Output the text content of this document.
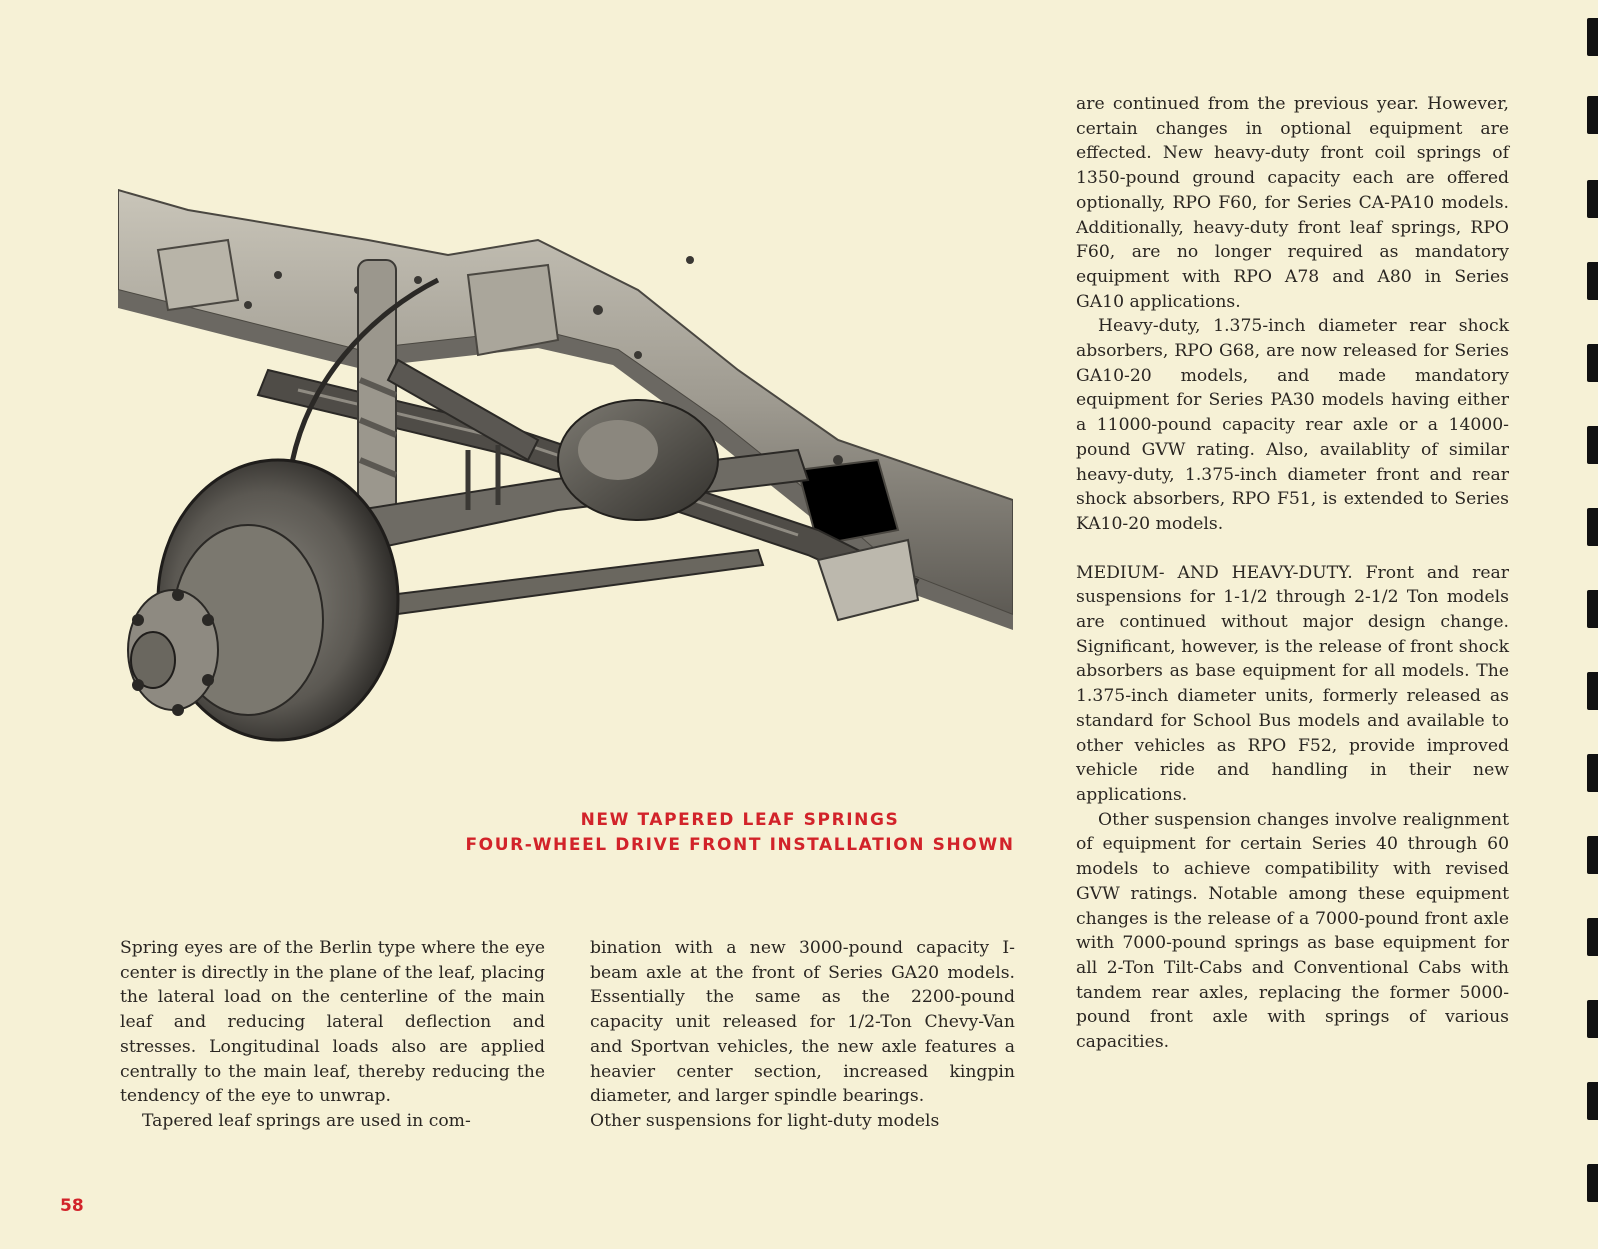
NEW TAPERED LEAF SPRINGS
FOUR-WHEEL DRIVE FRONT INSTALLATION SHOWN

Spring eyes are of the Berlin type where the eye center is directly in the plane of the leaf, placing the lateral load on the centerline of the main leaf and reducing lateral deflection and stresses. Longitudinal loads also are applied centrally to the main leaf, thereby reducing the tendency of the eye to unwrap.

Tapered leaf springs are used in com-

bination with a new 3000-pound capacity I-beam axle at the front of Series GA20 models. Essentially the same as the 2200-pound capacity unit released for 1/2-Ton Chevy-Van and Sportvan vehicles, the new axle features a heavier center section, increased kingpin diameter, and larger spindle bearings.

Other suspensions for light-duty models

are continued from the previous year. However, certain changes in optional equipment are effected. New heavy-duty front coil springs of 1350-pound ground capacity each are offered optionally, RPO F60, for Series CA-PA10 models. Additionally, heavy-duty front leaf springs, RPO F60, are no longer required as mandatory equipment with RPO A78 and A80 in Series GA10 applications.

Heavy-duty, 1.375-inch diameter rear shock absorbers, RPO G68, are now released for Series GA10-20 models, and made mandatory equipment for Series PA30 models having either a 11000-pound capacity rear axle or a 14000-pound GVW rating. Also, availablity of similar heavy-duty, 1.375-inch diameter front and rear shock absorbers, RPO F51, is extended to Series KA10-20 models.

MEDIUM- AND HEAVY-DUTY. Front and rear suspensions for 1-1/2 through 2-1/2 Ton models are continued without major design change. Significant, however, is the release of front shock absorbers as base equipment for all models. The 1.375-inch diameter units, formerly released as standard for School Bus models and available to other vehicles as RPO F52, provide improved vehicle ride and handling in their new applications.

Other suspension changes involve realignment of equipment for certain Series 40 through 60 models to achieve compatibility with revised GVW ratings. Notable among these equipment changes is the release of a 7000-pound front axle with 7000-pound springs as base equipment for all 2-Ton Tilt-Cabs and Conventional Cabs with tandem rear axles, replacing the former 5000-pound front axle with springs of various capacities.

58
